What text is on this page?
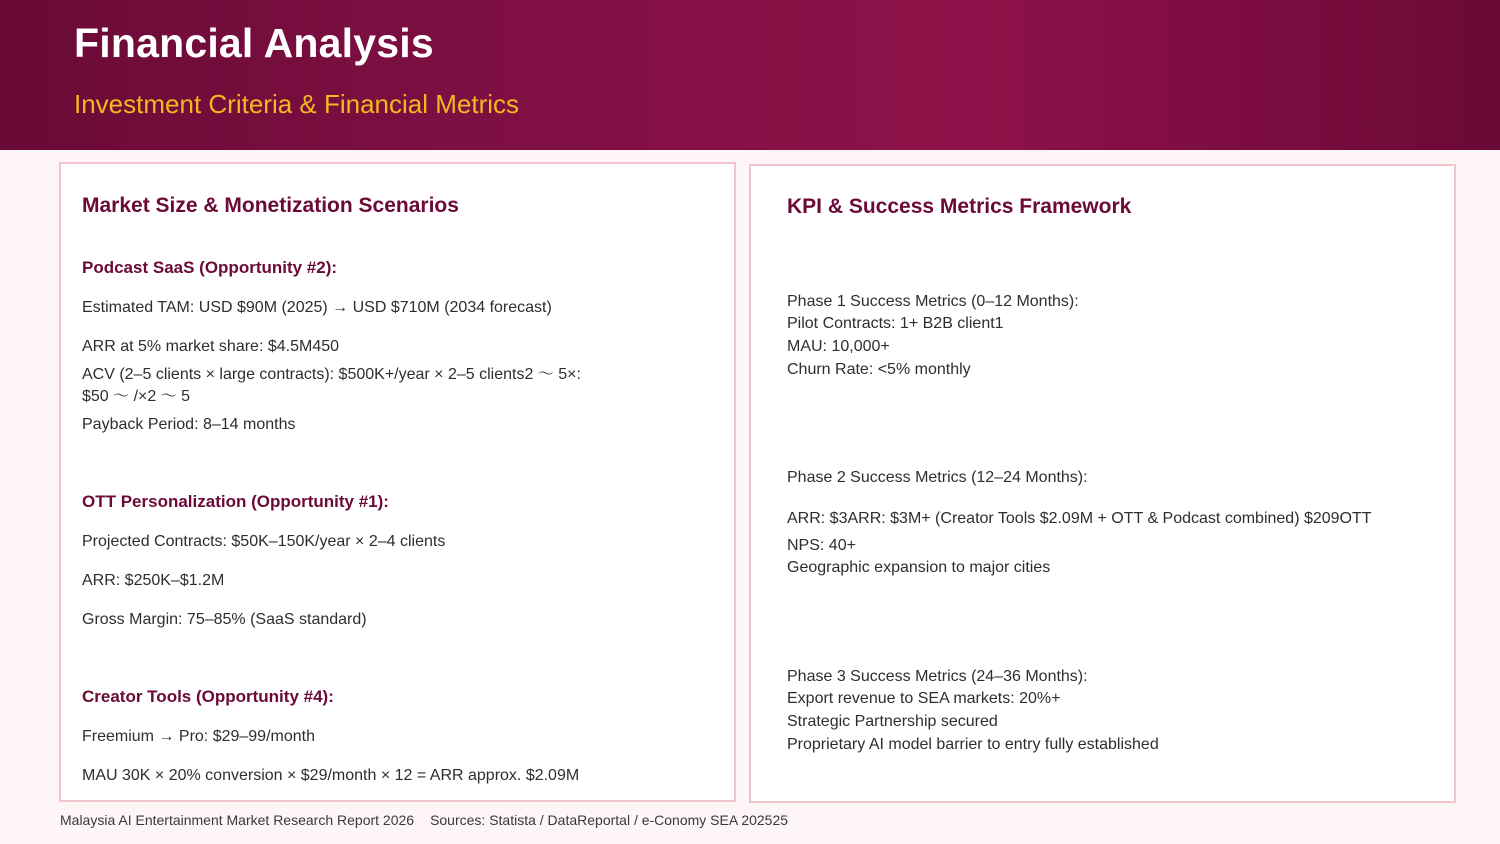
Financial Analysis
Investment Criteria & Financial Metrics
Market Size & Monetization Scenarios
Podcast SaaS (Opportunity #2):
Estimated TAM: USD $90M (2025) → USD $710M (2034 forecast)
ARR at 5% market share: $4.5M450
ACV (2–5 clients × large contracts): $500K+/year × 2–5 clients2 〜 5×:
$50 〜 /×2 〜 5
Payback Period: 8–14 months
OTT Personalization (Opportunity #1):
Projected Contracts: $50K–150K/year × 2–4 clients
ARR: $250K–$1.2M
Gross Margin: 75–85% (SaaS standard)
Creator Tools (Opportunity #4):
Freemium → Pro: $29–99/month
MAU 30K × 20% conversion × $29/month × 12 = ARR approx. $2.09M
KPI & Success Metrics Framework
Phase 1 Success Metrics (0–12 Months):
Pilot Contracts: 1+ B2B client1
MAU: 10,000+
Churn Rate: <5% monthly
Phase 2 Success Metrics (12–24 Months):
ARR: $3ARR: $3M+ (Creator Tools $2.09M + OTT & Podcast combined) $209OTT
NPS: 40+
Geographic expansion to major cities
Phase 3 Success Metrics (24–36 Months):
Export revenue to SEA markets: 20%+
Strategic Partnership secured
Proprietary AI model barrier to entry fully established
Malaysia AI Entertainment Market Research Report 2026 Sources: Statista / DataReportal / e-Conomy SEA 202525
